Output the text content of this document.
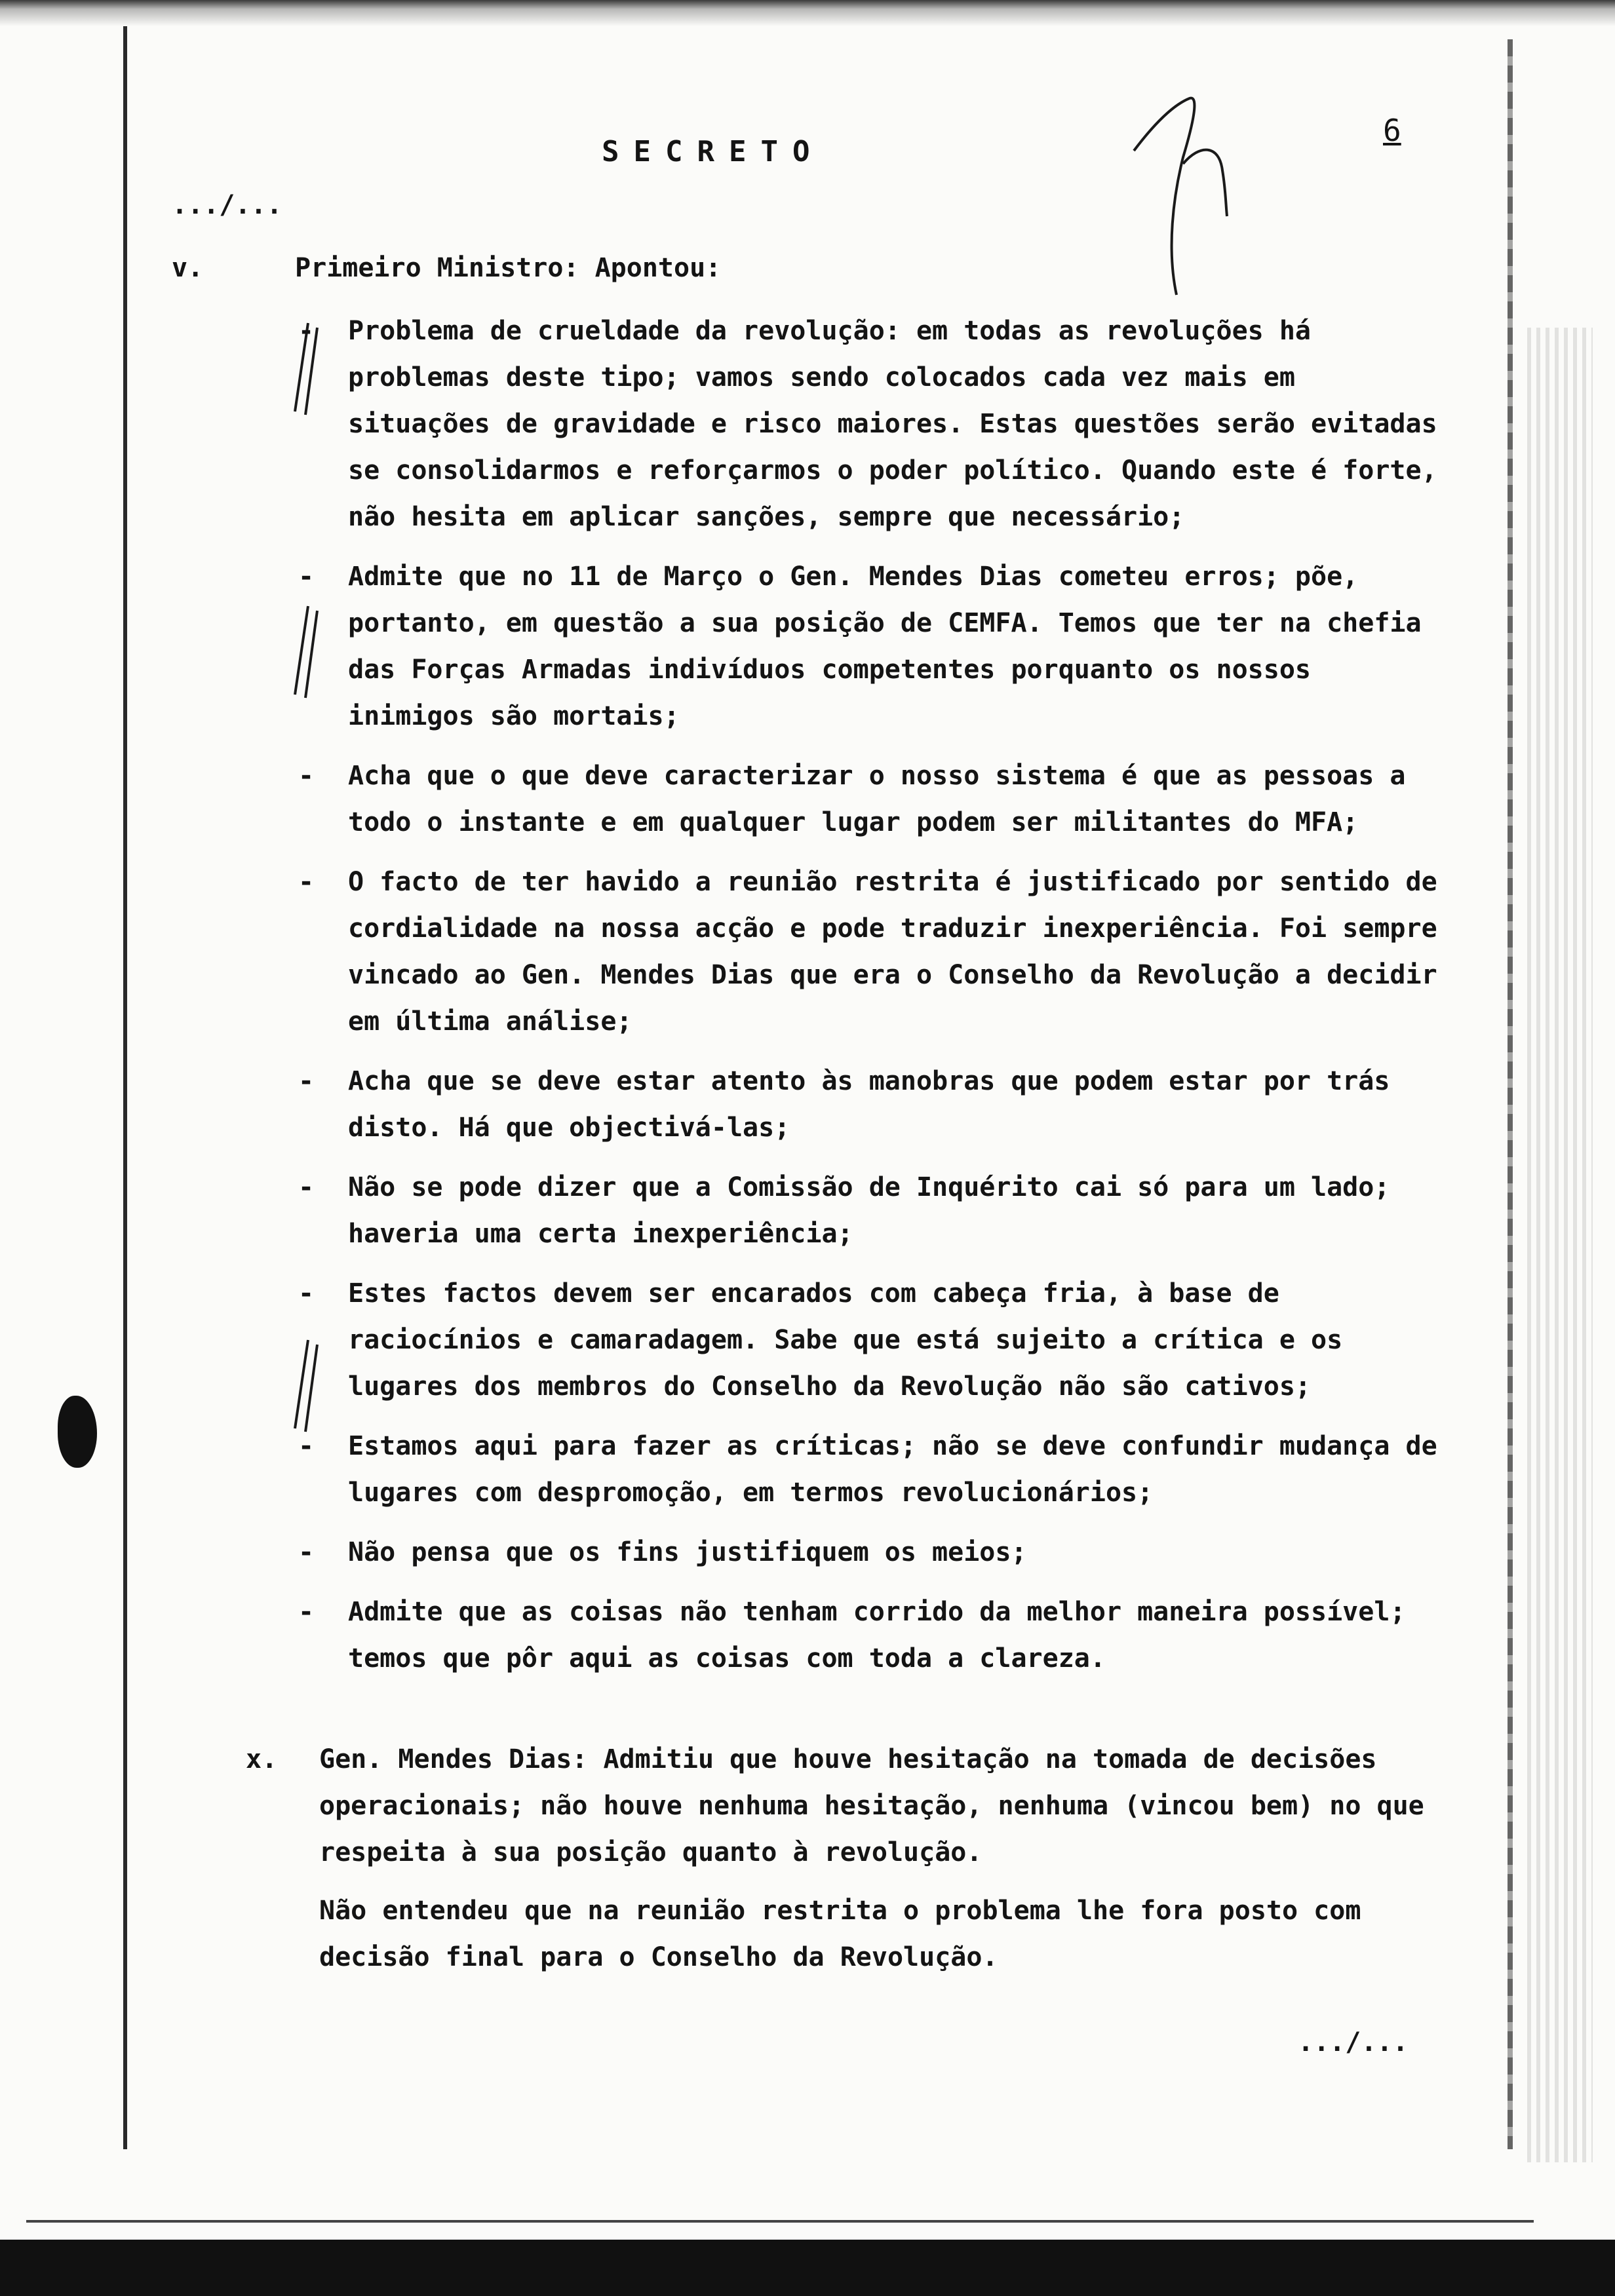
SECRETO
6
.../...
v.	Primeiro Ministro: Apontou:
- Problema de crueldade da revolução: em todas as revoluções há problemas deste tipo; vamos sendo colocados cada vez mais em situações de gravidade e risco maiores. Estas questões serão evitadas se consolidarmos e reforçarmos o poder político. Quando este é forte, não hesita em aplicar sanções, sempre que necessário;
- Admite que no 11 de Março o Gen. Mendes Dias cometeu erros; põe, portanto, em questão a sua posição de CEMFA. Temos que ter na chefia das Forças Armadas indivíduos competentes porquanto os nossos inimigos são mortais;
- Acha que o que deve caracterizar o nosso sistema é que as pessoas a todo o instante e em qualquer lugar podem ser militantes do MFA;
- O facto de ter havido a reunião restrita é justificado por sentido de cordialidade na nossa acção e pode traduzir inexperiência. Foi sempre vincado ao Gen. Mendes Dias que era o Conselho da Revolução a decidir em última análise;
- Acha que se deve estar atento às manobras que podem estar por trás disto. Há que objectivá-las;
- Não se pode dizer que a Comissão de Inquérito cai só para um lado; haveria uma certa inexperiência;
- Estes factos devem ser encarados com cabeça fria, à base de raciocínios e camaradagem. Sabe que está sujeito a crítica e os lugares dos membros do Conselho da Revolução não são cativos;
- Estamos aqui para fazer as críticas; não se deve confundir mudança de lugares com despromoção, em termos revolucionários;
- Não pensa que os fins justifiquem os meios;
- Admite que as coisas não tenham corrido da melhor maneira possível; temos que pôr aqui as coisas com toda a clareza.
x. Gen. Mendes Dias: Admitiu que houve hesitação na tomada de decisões operacionais; não houve nenhuma hesitação, nenhuma (vincou bem) no que respeita à sua posição quanto à revolução.

Não entendeu que na reunião restrita o problema lhe fora posto com decisão final para o Conselho da Revolução.

.../...
